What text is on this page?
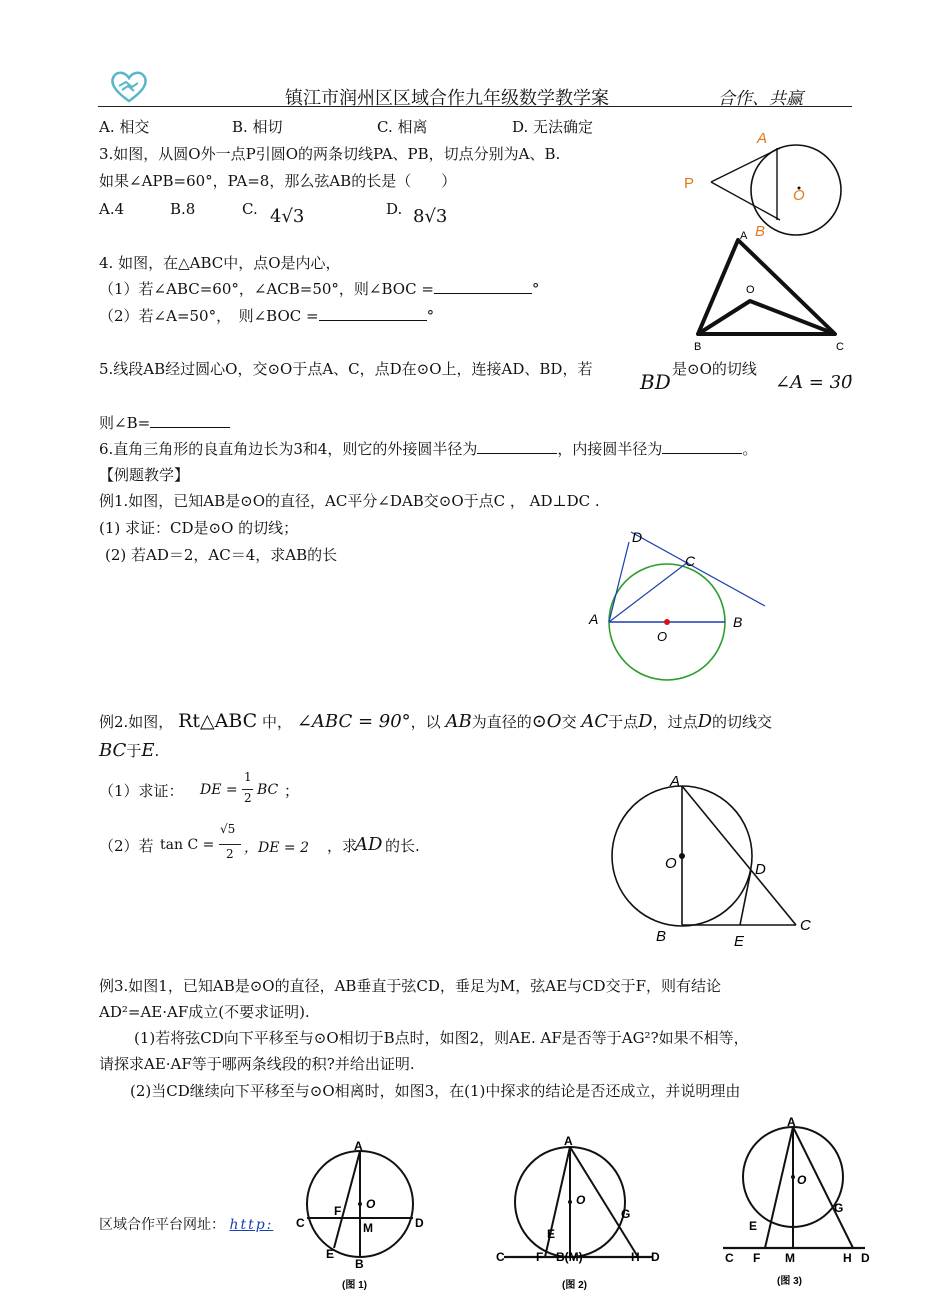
镇江市润州区区域合作九年级数学教学案	合作、共赢
A. 相交	B. 相切	C. 相离	D. 无法确定
3.如图，从圆O外一点P引圆O的两条切线PA、PB，切点分别为A、B.
如果∠APB=60°，PA=8，那么弦AB的长是（　　）
A.4	B.8	C. 4√3	D. 8√3
A
P
O
B
4. 如图，在△ABC中，点O是内心，
（1）若∠ABC=60°，∠ACB=50°，则∠BOC =	°
（2）若∠A=50°，　则∠BOC =	°
A
O
B	C
5.线段AB经过圆心O，交⊙O于点A、C，点D在⊙O上，连接AD、BD，若
BD
是⊙O的切线
∠A = 30
，
则∠B=
6.直角三角形的良直角边长为3和4，则它的外接圆半径为	，内接圆半径为	。
【例题教学】
例1.如图，已知AB是⊙O的直径，AC平分∠DAB交⊙O于点C ， AD⊥DC .
(1) 求证：CD是⊙O 的切线；
(2) 若AD＝2，AC＝4，求AB的长
D
C
A	B
O
例2.如图， Rt△ABC 中， ∠ABC = 90°，以 AB为直径的⊙O交 AC于点D，过点D的切线交
BC于E.
（1）求证： DE =
1
2 BC ；
（2）若 tan C =
√5
2 ，DE = 2 ，求
AD 的长.
A
O	D
B	E
C
例3.如图1，已知AB是⊙O的直径，AB垂直于弦CD，垂足为M，弦AE与CD交于F，则有结论
AD²=AE·AF成立(不要求证明).
(1)若将弦CD向下平移至与⊙O相切于B点时，如图2，则AE. AF是否等于AG²?如果不相等，
请探求AE·AF等于哪两条线段的积?并给出证明.
(2)当CD继续向下平移至与⊙O相离时，如图3，在(1)中探求的结论是否还成立，并说明理由
A
O
F
C	M	D
E
B
(图 1)
A
O
G
E
C	F B(M)	H D
(图 2)
A
O
G
E
C F M	H D
(图 3)
区域合作平台网址： http:
